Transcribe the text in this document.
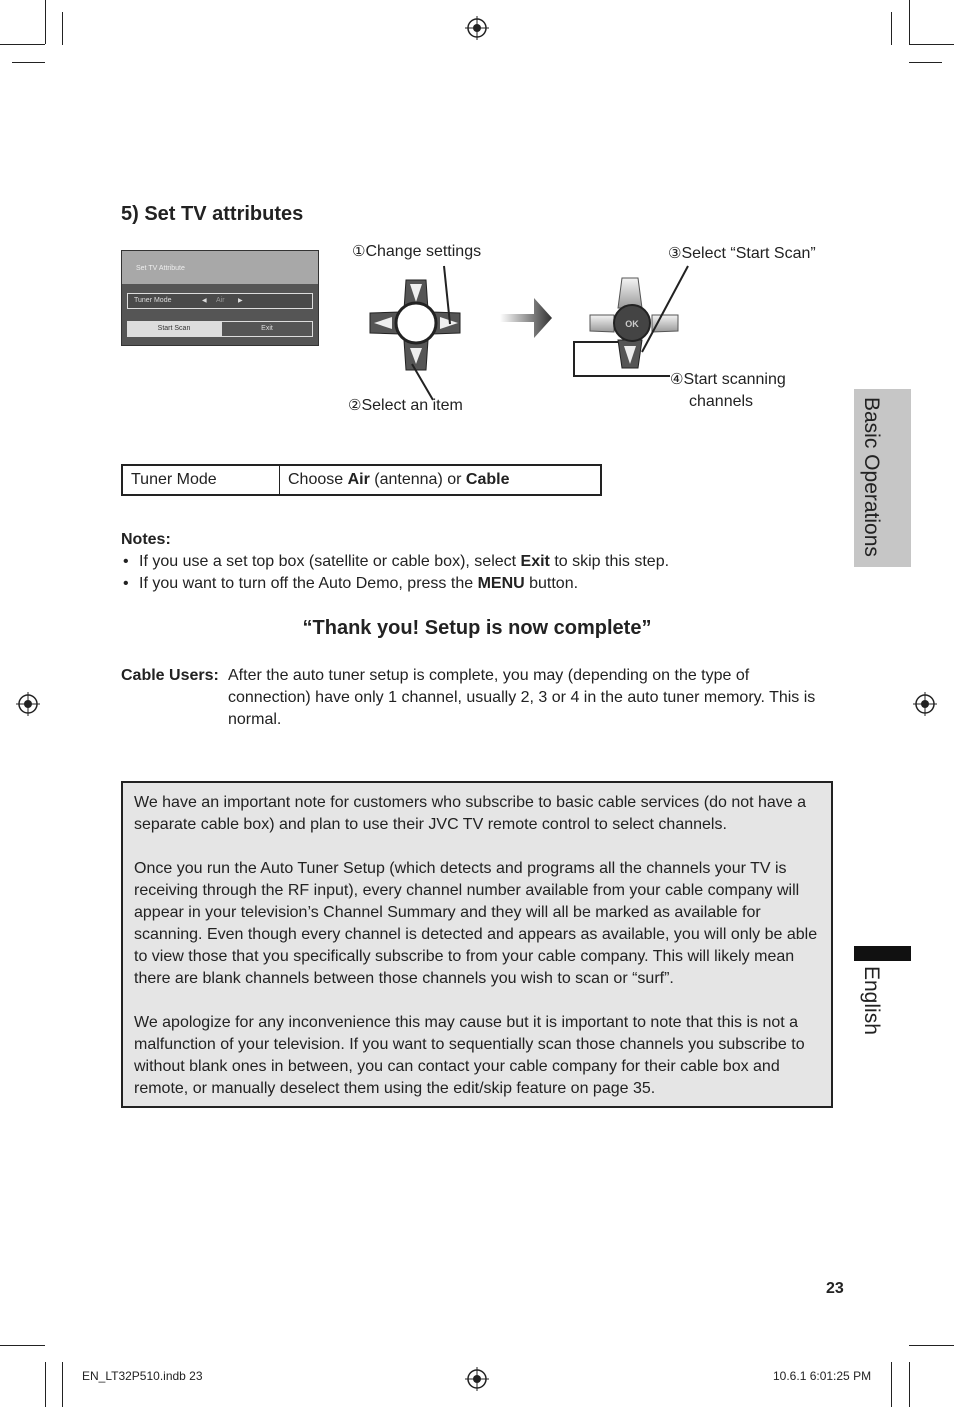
5) Set TV attributes
Set TV Attribute
Tuner Mode	◀ Air ▶
Start Scan	Exit	OK
①Change settings
②Select an item
③Select “Start Scan”
④Start scanning
channels
Tuner Mode	Choose Air (antenna) or Cable
Notes:
• If you use a set top box (satellite or cable box), select Exit to skip this step.
• If you want to turn off the Auto Demo, press the MENU button.
“Thank you! Setup is now complete”
Cable Users: After the auto tuner setup is complete, you may (depending on the type of connection) have only 1 channel, usually 2, 3 or 4 in the auto tuner memory. This is normal.

We have an important note for customers who subscribe to basic cable services (do not have a separate cable box) and plan to use their JVC TV remote control to select channels.

Once you run the Auto Tuner Setup (which detects and programs all the channels your TV is receiving through the RF input), every channel number available from your cable company will appear in your television’s Channel Summary and they will all be marked as available for scanning. Even though every channel is detected and appears as available, you will only be able to view those that you specifically subscribe to from your cable company. This will likely mean there are blank channels between those channels you wish to scan or “surf”.

We apologize for any inconvenience this may cause but it is important to note that this is not a malfunction of your television. If you want to sequentially scan those channels you subscribe to without blank ones in between, you can contact your cable company for their cable box and remote, or manually deselect them using the edit/skip feature on page 35.

Basic Operations
English
23
EN_LT32P510.indb 23	10.6.1 6:01:25 PM
